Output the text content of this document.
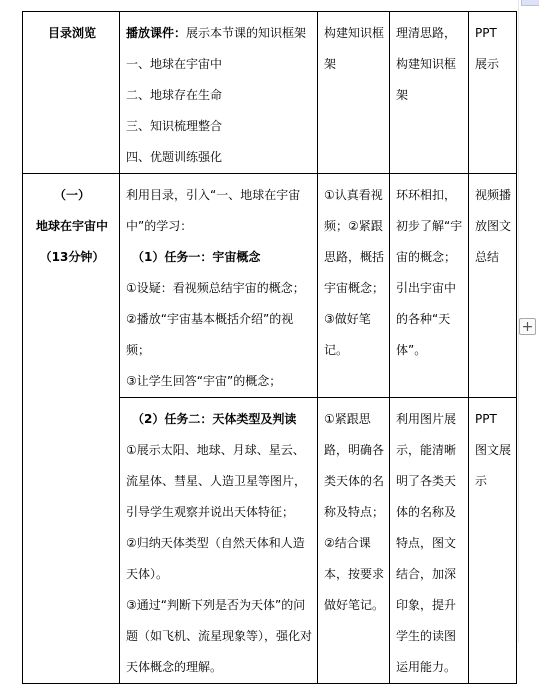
目录浏览	播放课件：展示本节课的知识框架
一、地球在宇宙中
二、地球存在生命
三、知识梳理整合
四、优题训练强化	构建知识框架	理清思路，构建知识框架	PPT 展示

（一）
地球在宇宙中
（13分钟）	利用目录，引入“一、地球在宇宙中”的学习：
（1）任务一：宇宙概念
①设疑：看视频总结宇宙的概念；
②播放“宇宙基本概括介绍”的视频；
③让学生回答“宇宙”的概念；	①认真看视频；②紧跟思路，概括宇宙概念；③做好笔记。	环环相扣，初步了解“宇宙的概念；引出宇宙中的各种“天体”。	视频播放图文总结

	（2）任务二：天体类型及判读
①展示太阳、地球、月球、星云、流星体、彗星、人造卫星等图片，引导学生观察并说出天体特征；
②归纳天体类型（自然天体和人造天体）。
③通过“判断下列是否为天体”的问题（如飞机、流星现象等），强化对天体概念的理解。	①紧跟思路，明确各类天体的名称及特点；②结合课本，按要求做好笔记。	利用图片展示，能清晰明了各类天体的名称及特点，图文结合，加深印象，提升学生的读图运用能力。	PPT 图文展示
+
